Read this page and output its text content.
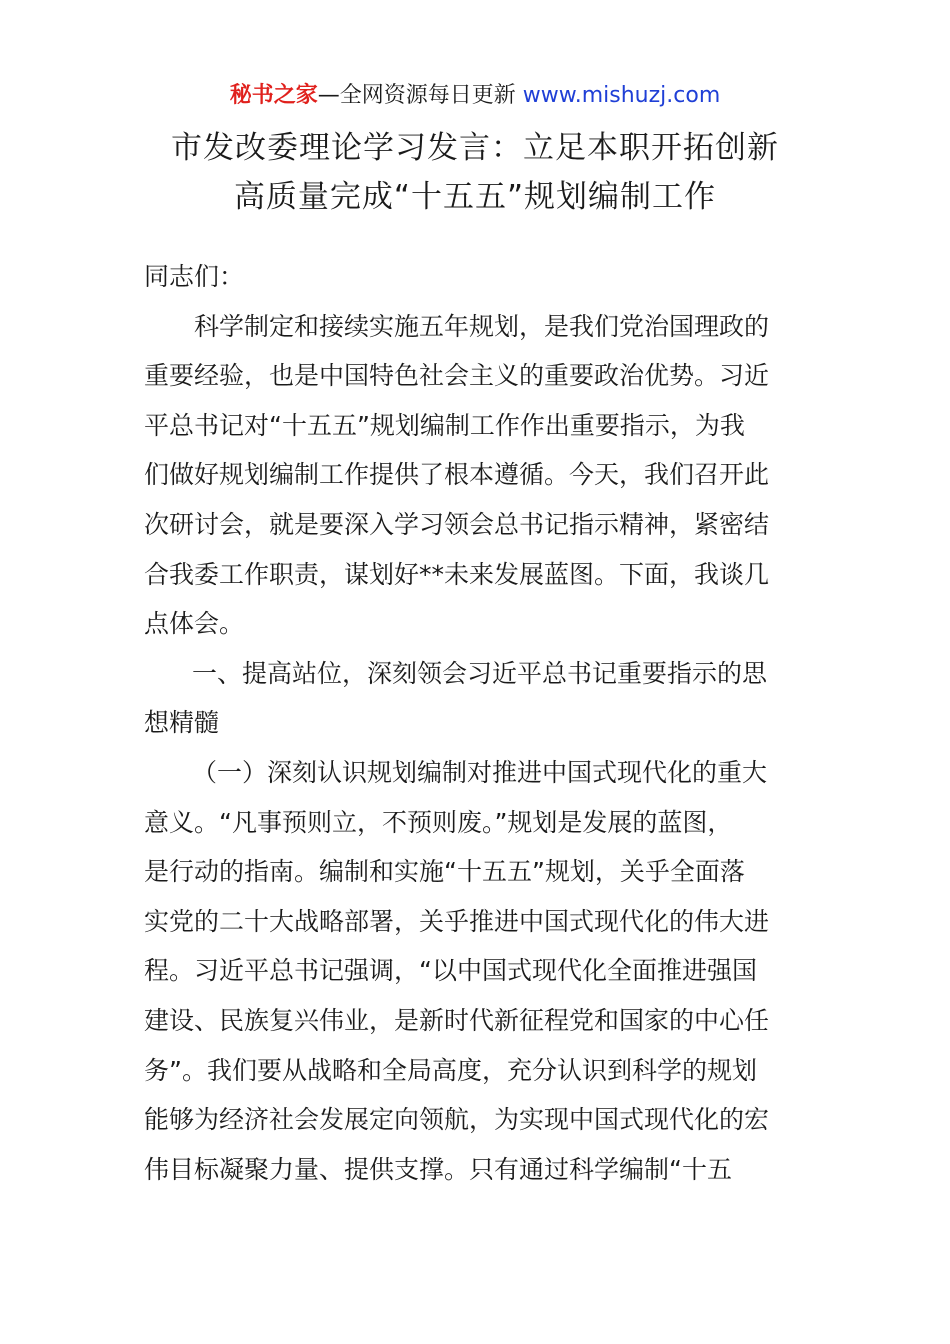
秘书之家—全网资源每日更新 www.mishuzj.com
市发改委理论学习发言：立足本职开拓创新
高质量完成“十五五”规划编制工作
同志们：
科学制定和接续实施五年规划，是我们党治国理政的
重要经验，也是中国特色社会主义的重要政治优势。习近
平总书记对“十五五”规划编制工作作出重要指示，为我
们做好规划编制工作提供了根本遵循。今天，我们召开此
次研讨会，就是要深入学习领会总书记指示精神，紧密结
合我委工作职责，谋划好**未来发展蓝图。下面，我谈几
点体会。
一、提高站位，深刻领会习近平总书记重要指示的思
想精髓
（一）深刻认识规划编制对推进中国式现代化的重大
意义。“凡事预则立，不预则废。”规划是发展的蓝图，
是行动的指南。编制和实施“十五五”规划，关乎全面落
实党的二十大战略部署，关乎推进中国式现代化的伟大进
程。习近平总书记强调，“以中国式现代化全面推进强国
建设、民族复兴伟业，是新时代新征程党和国家的中心任
务”。我们要从战略和全局高度，充分认识到科学的规划
能够为经济社会发展定向领航，为实现中国式现代化的宏
伟目标凝聚力量、提供支撑。只有通过科学编制“十五
